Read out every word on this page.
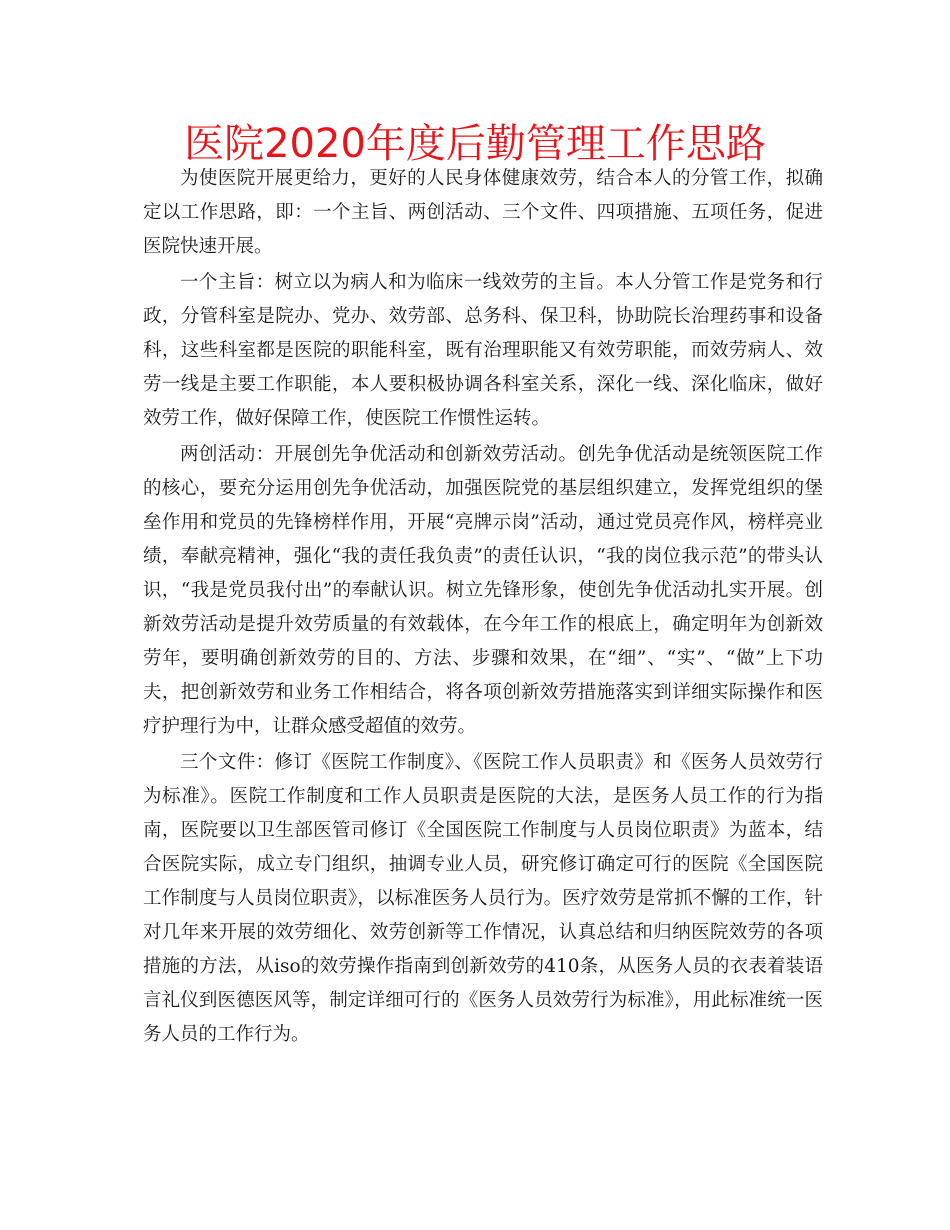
医院2020年度后勤管理工作思路

为使医院开展更给力，更好的人民身体健康效劳，结合本人的分管工作，拟确定以工作思路，即：一个主旨、两创活动、三个文件、四项措施、五项任务，促进医院快速开展。

一个主旨：树立以为病人和为临床一线效劳的主旨。本人分管工作是党务和行政，分管科室是院办、党办、效劳部、总务科、保卫科，协助院长治理药事和设备科，这些科室都是医院的职能科室，既有治理职能又有效劳职能，而效劳病人、效劳一线是主要工作职能，本人要积极协调各科室关系，深化一线、深化临床，做好效劳工作，做好保障工作，使医院工作惯性运转。

两创活动：开展创先争优活动和创新效劳活动。创先争优活动是统领医院工作的核心，要充分运用创先争优活动，加强医院党的基层组织建立，发挥党组织的堡垒作用和党员的先锋榜样作用，开展“亮牌示岗”活动，通过党员亮作风，榜样亮业绩，奉献亮精神，强化“我的责任我负责”的责任认识，“我的岗位我示范”的带头认识，“我是党员我付出”的奉献认识。树立先锋形象，使创先争优活动扎实开展。创新效劳活动是提升效劳质量的有效载体，在今年工作的根底上，确定明年为创新效劳年，要明确创新效劳的目的、方法、步骤和效果，在“细”、“实”、“做”上下功夫，把创新效劳和业务工作相结合，将各项创新效劳措施落实到详细实际操作和医疗护理行为中，让群众感受超值的效劳。

三个文件：修订《医院工作制度》、《医院工作人员职责》和《医务人员效劳行为标准》。医院工作制度和工作人员职责是医院的大法，是医务人员工作的行为指南，医院要以卫生部医管司修订《全国医院工作制度与人员岗位职责》为蓝本，结合医院实际，成立专门组织，抽调专业人员，研究修订确定可行的医院《全国医院工作制度与人员岗位职责》，以标准医务人员行为。医疗效劳是常抓不懈的工作，针对几年来开展的效劳细化、效劳创新等工作情况，认真总结和归纳医院效劳的各项措施的方法，从iso的效劳操作指南到创新效劳的410条，从医务人员的衣表着装语言礼仪到医德医风等，制定详细可行的《医务人员效劳行为标准》，用此标准统一医务人员的工作行为。
